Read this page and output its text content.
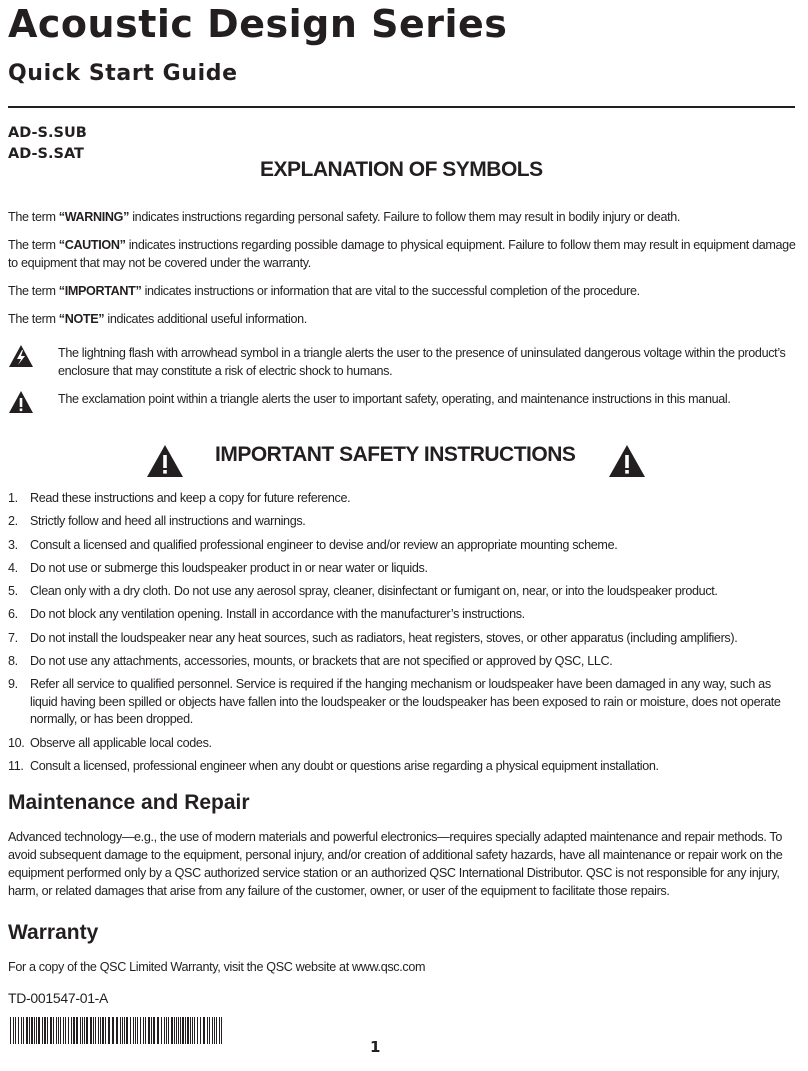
Acoustic Design Series
Quick Start Guide

AD-S.SUB

AD-S.SAT

EXPLANATION OF SYMBOLS

The term “WARNING” indicates instructions regarding personal safety. Failure to follow them may result in bodily injury or death.

The term “CAUTION” indicates instructions regarding possible damage to physical equipment. Failure to follow them may result in equipment damage to equipment that may not be covered under the warranty.

The term “IMPORTANT” indicates instructions or information that are vital to the successful completion of the procedure.

The term “NOTE” indicates additional useful information.

The lightning flash with arrowhead symbol in a triangle alerts the user to the presence of uninsulated dangerous voltage within the product’s enclosure that may constitute a risk of electric shock to humans.

The exclamation point within a triangle alerts the user to important safety, operating, and maintenance instructions in this manual.

IMPORTANT SAFETY INSTRUCTIONS
1. Read these instructions and keep a copy for future reference.
2. Strictly follow and heed all instructions and warnings.
3. Consult a licensed and qualified professional engineer to devise and/or review an appropriate mounting scheme.
4. Do not use or submerge this loudspeaker product in or near water or liquids.
5. Clean only with a dry cloth. Do not use any aerosol spray, cleaner, disinfectant or fumigant on, near, or into the loudspeaker product.
6. Do not block any ventilation opening. Install in accordance with the manufacturer’s instructions.
7. Do not install the loudspeaker near any heat sources, such as radiators, heat registers, stoves, or other apparatus (including amplifiers).
8. Do not use any attachments, accessories, mounts, or brackets that are not specified or approved by QSC, LLC.
9. Refer all service to qualified personnel. Service is required if the hanging mechanism or loudspeaker have been damaged in any way, such as liquid having been spilled or objects have fallen into the loudspeaker or the loudspeaker has been exposed to rain or moisture, does not operate normally, or has been dropped.
10. Observe all applicable local codes.
11. Consult a licensed, professional engineer when any doubt or questions arise regarding a physical equipment installation.
Maintenance and Repair

Advanced technology—e.g., the use of modern materials and powerful electronics—requires specially adapted maintenance and repair methods. To avoid subsequent damage to the equipment, personal injury, and/or creation of additional safety hazards, have all maintenance or repair work on the equipment performed only by a QSC authorized service station or an authorized QSC International Distributor. QSC is not responsible for any injury, harm, or related damages that arise from any failure of the customer, owner, or user of the equipment to facilitate those repairs.

Warranty

For a copy of the QSC Limited Warranty, visit the QSC website at www.qsc.com

TD-001547-01-A

1
